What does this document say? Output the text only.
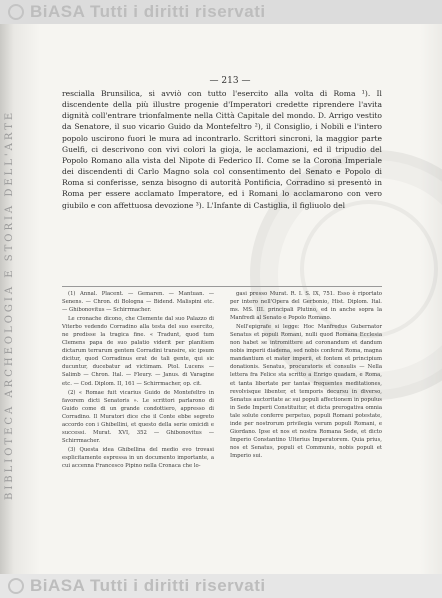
BiASA Tutti i diritti riservati
BIBLIOTECA ARCHEOLOGIA E STORIA DELL'ARTE
— 213 —

rescialla Brunsilica, si avviò con tutto l'esercito alla volta di Roma ¹). Il discendente della più illustre progenie d'Imperatori credette riprendere l'avita dignità coll'entrare trionfalmente nella Città Capitale del mondo. D. Arrigo vestito da Senatore, il suo vicario Guido da Montefeltro ²), il Consiglio, i Nobili e l'intero popolo uscirono fuori le mura ad incontrarlo. Scrittori sincroni, la maggior parte Guelfi, ci descrivono con vivi colori la gioja, le acclamazioni, ed il tripudio del Popolo Romano alla vista del Nipote di Federico II. Come se la Corona Imperiale dei discendenti di Carlo Magno sola col consentimento del Senato e Popolo di Roma si conferisse, senza bisogno di autorità Pontificia, Corradino si presentò in Roma per essere acclamato Imperatore, ed i Romani lo acclamarono con vero giubilo e con affettuosa devozione ³). L'Infante di Castiglia, il figliuolo del

(1) Annal. Placent. — Gemaren. — Mantuan. — Senens. — Chron. di Bologna — Bidend. Malispini etc. — Ghibonovitus — Schirrmacher.

Le cronache dicono, che Clemente dal suo Palazzo di Viterbo vedendo Corradino alla testa del suo esercito, ne predisse la tragica fine. « Tradunt, quod tum Clemens papa de suo palatio viderit per planitiem dictarum terrarum gentem Corradini transire, sic ipsum dicitur, quod Corradinus erat de tali gente, qui sic ducuntur, ducebatur ad victimam. Ptol. Lucens — Salimb — Chron. Ital. — Fleury. — Janus. di Varagine etc. — Cod. Diplom. II, 161 — Schirrmacher, op. cit.

(2) « Romae fuit vicarius Guido de Montefeltro in favorem dicti Senatoris ». Le scrittori parlarono di Guido come di un grande condottiero, appresso di Corradino. Il Muratori dice che il Conte ebbe segreto accordo con i Ghibellini, et questo della serie omicidi e successi. Murat. XVI, 352 — Ghibonovitus — Schirrmacher.

(3) Questa idea Ghibellina del medio evo trovasi esplicitamente espressa in un documento importante, a cui accenna Francesco Pipino nella Cronaca che lo-

gasi presso Murat. R. I. S. IX, 751. Esso è riportato per intero nell'Opera del Gerbonio, Hist. Diplom. Ital. ms. MS. III. principali Plutino, ed in anche sopra la Manfredi al Senato e Popolo Romano.

Nell'epigrafe si legge: Hoc Manfredus Gubernator Senatus et populi Romani, nulli quod Romana Ecclesia non habet se intromittere ad coronandum et dandum nobis imperii diadema, sed nobis conferat Roma, magna mandantium et mater imperii, et fontem et principium donationis. Senatus, procuratoris et consulis — Nella lettera fra Felice sta scritto a Enrigo quadam, e Roma, et tanta libertate per tantas frequentes meditationes, revolvisque libenter, et temporis decursu in diverso, Senatus auctoritate ac sui populi affectionem in populus in Sede Imperii Constituitur, et dicta prerogativa omnia tale solute conferre perpetuo, populi Romani potestate, inde per nostrorum privilegia verum populi Romani, e Giordano. Ipse et nos et nostra Romana Sede, et dicto Imperio Constantino Ulterius Imperatorem. Quia prius, nos et Senatus, populi et Communis, nobis populi et Imperio sui.

BiASA Tutti i diritti riservati
